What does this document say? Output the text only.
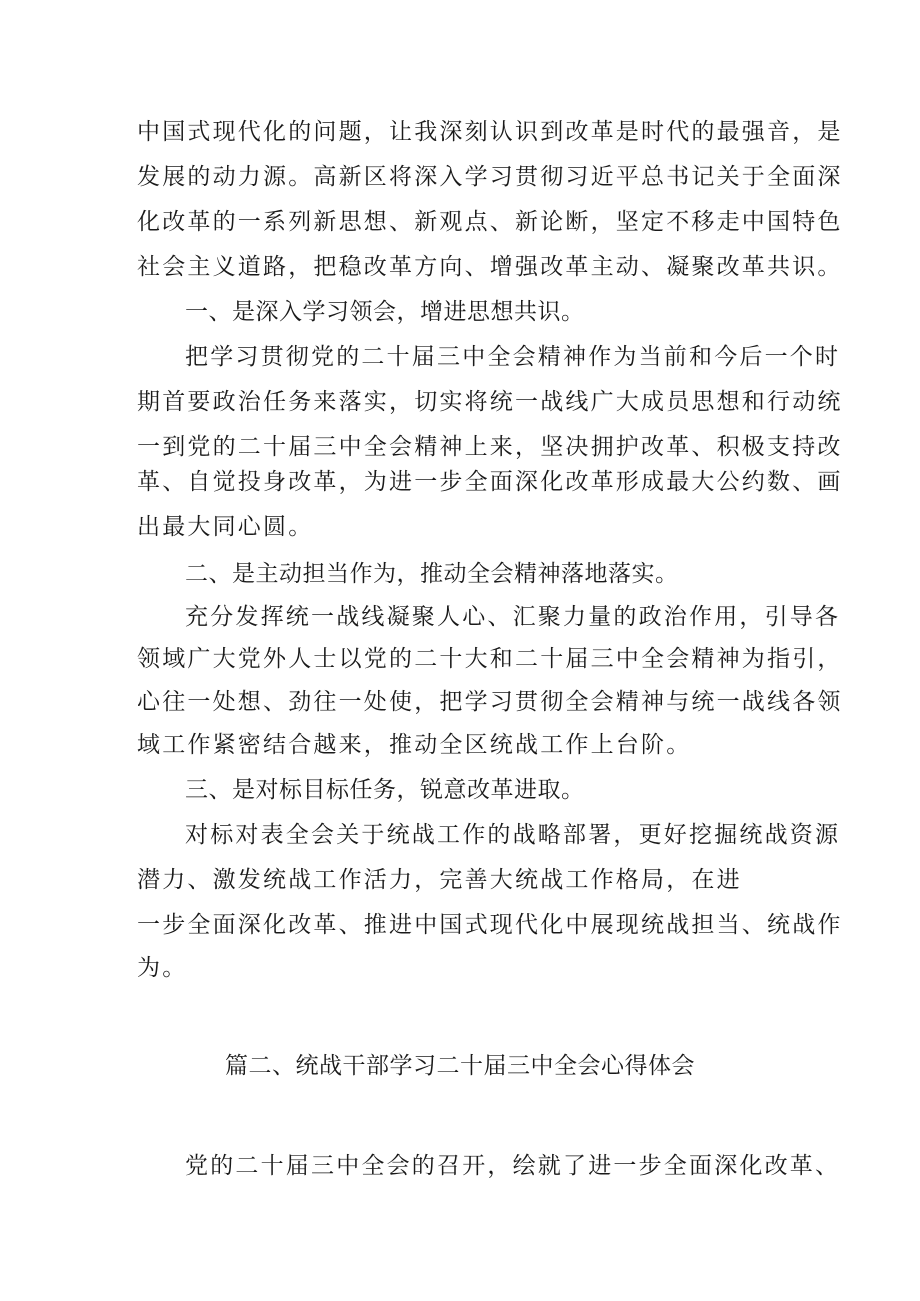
中国式现代化的问题，让我深刻认识到改革是时代的最强音，是
发展的动力源。高新区将深入学习贯彻习近平总书记关于全面深
化改革的一系列新思想、新观点、新论断，坚定不移走中国特色
社会主义道路，把稳改革方向、增强改革主动、凝聚改革共识。
一、是深入学习领会，增进思想共识。
把学习贯彻党的二十届三中全会精神作为当前和今后一个时
期首要政治任务来落实，切实将统一战线广大成员思想和行动统
一到党的二十届三中全会精神上来，坚决拥护改革、积极支持改
革、自觉投身改革，为进一步全面深化改革形成最大公约数、画
出最大同心圆。
二、是主动担当作为，推动全会精神落地落实。
充分发挥统一战线凝聚人心、汇聚力量的政治作用，引导各
领域广大党外人士以党的二十大和二十届三中全会精神为指引，
心往一处想、劲往一处使，把学习贯彻全会精神与统一战线各领
域工作紧密结合越来，推动全区统战工作上台阶。
三、是对标目标任务，锐意改革进取。
对标对表全会关于统战工作的战略部署，更好挖掘统战资源
潜力、激发统战工作活力，完善大统战工作格局，在进
一步全面深化改革、推进中国式现代化中展现统战担当、统战作
为。
篇二、统战干部学习二十届三中全会心得体会
党的二十届三中全会的召开，绘就了进一步全面深化改革、
